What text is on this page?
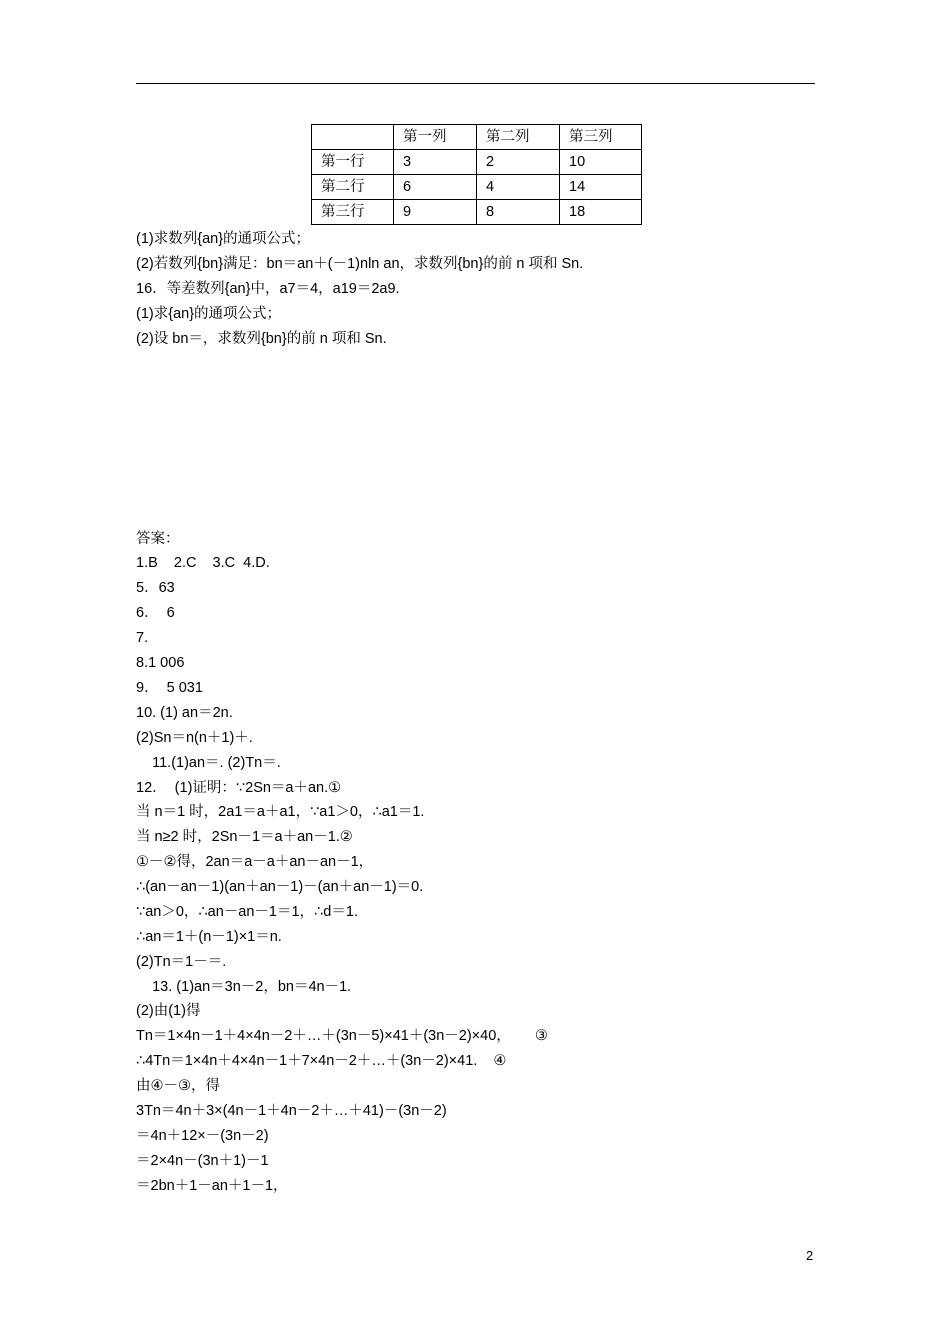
	第一列	第二列	第三列
第一行	3	2	10
第二行	6	4	14
第三行	9	8	18
(1)求数列{an}的通项公式；
(2)若数列{bn}满足：bn＝an＋(－1)nln an，求数列{bn}的前 n 项和 Sn.
16．等差数列{an}中，a7＝4，a19＝2a9.
(1)求{an}的通项公式；
(2)设 bn＝，求数列{bn}的前 n 项和 Sn.
答案：
1.B    2.C    3.C  4.D.
5．63
6．  6
7.
8.1 006
9．  5 031
10. (1) an＝2n.
(2)Sn＝n(n＋1)＋.
11.(1)an＝. (2)Tn＝.
12．  (1)证明：∵2Sn＝a＋an.①
当 n＝1 时，2a1＝a＋a1，∵a1＞0，∴a1＝1.
当 n≥2 时，2Sn－1＝a＋an－1.②
①－②得，2an＝a－a＋an－an－1，
∴(an－an－1)(an＋an－1)－(an＋an－1)＝0.
∵an＞0，∴an－an－1＝1，∴d＝1.
∴an＝1＋(n－1)×1＝n.
(2)Tn＝1－＝.
13. (1)an＝3n－2，bn＝4n－1.
(2)由(1)得
Tn＝1×4n－1＋4×4n－2＋…＋(3n－5)×41＋(3n－2)×40，      ③
∴4Tn＝1×4n＋4×4n－1＋7×4n－2＋…＋(3n－2)×41.    ④
由④－③，得
3Tn＝4n＋3×(4n－1＋4n－2＋…＋41)－(3n－2)
＝4n＋12×－(3n－2)
＝2×4n－(3n＋1)－1
＝2bn＋1－an＋1－1，
2
